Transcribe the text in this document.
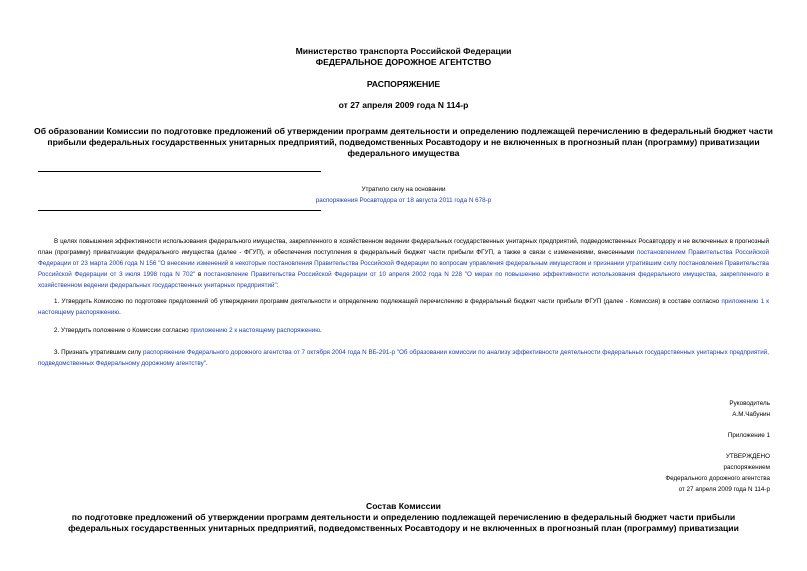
Министерство транспорта Российской Федерации
ФЕДЕРАЛЬНОЕ ДОРОЖНОЕ АГЕНТСТВО
РАСПОРЯЖЕНИЕ
от 27 апреля 2009 года N 114-р
Об образовании Комиссии по подготовке предложений об утверждении программ деятельности и определению подлежащей перечислению в федеральный бюджет части прибыли федеральных государственных унитарных предприятий, подведомственных Росавтодору и не включенных в прогнозный план (программу) приватизации федерального имущества
Утратило силу на основании
распоряжения Росавтодора от 18 августа 2011 года N 678-р
В целях повышения эффективности использования федерального имущества, закрепленного в хозяйственном ведении федеральных государственных унитарных предприятий, подведомственных Росавтодору и не включенных в прогнозный план (программу) приватизации федерального имущества (далее - ФГУП), и обеспечения поступления в федеральный бюджет части прибыли ФГУП, а также в связи с изменениями, внесенными постановлением Правительства Российской Федерации от 23 марта 2006 года N 156 "О внесении изменений в некоторые постановления Правительства Российской Федерации по вопросам управления федеральным имуществом и признании утратившим силу постановления Правительства Российской Федерации от 3 июля 1998 года N 702" в постановление Правительства Российской Федерации от 10 апреля 2002 года N 228 "О мерах по повышению эффективности использования федерального имущества, закрепленного в хозяйственном ведении федеральных государственных унитарных предприятий":
1. Утвердить Комиссию по подготовке предложений об утверждении программ деятельности и определению подлежащей перечислению в федеральный бюджет части прибыли ФГУП (далее - Комиссия) в составе согласно приложению 1 к настоящему распоряжению.
2. Утвердить положение о Комиссии согласно приложению 2 к настоящему распоряжению.
3. Признать утратившим силу распоряжение Федерального дорожного агентства от 7 октября 2004 года N ВБ-291-р "Об образовании комиссии по анализу эффективности деятельности федеральных государственных унитарных предприятий, подведомственных Федеральному дорожному агентству".
Руководитель
А.М.Чабунин
Приложение 1
УТВЕРЖДЕНО
распоряжением
Федерального дорожного агентства
от 27 апреля 2009 года N 114-р
Состав Комиссии
по подготовке предложений об утверждении программ деятельности и определению подлежащей перечислению в федеральный бюджет части прибыли федеральных государственных унитарных предприятий, подведомственных Росавтодору и не включенных в прогнозный план (программу) приватизации
